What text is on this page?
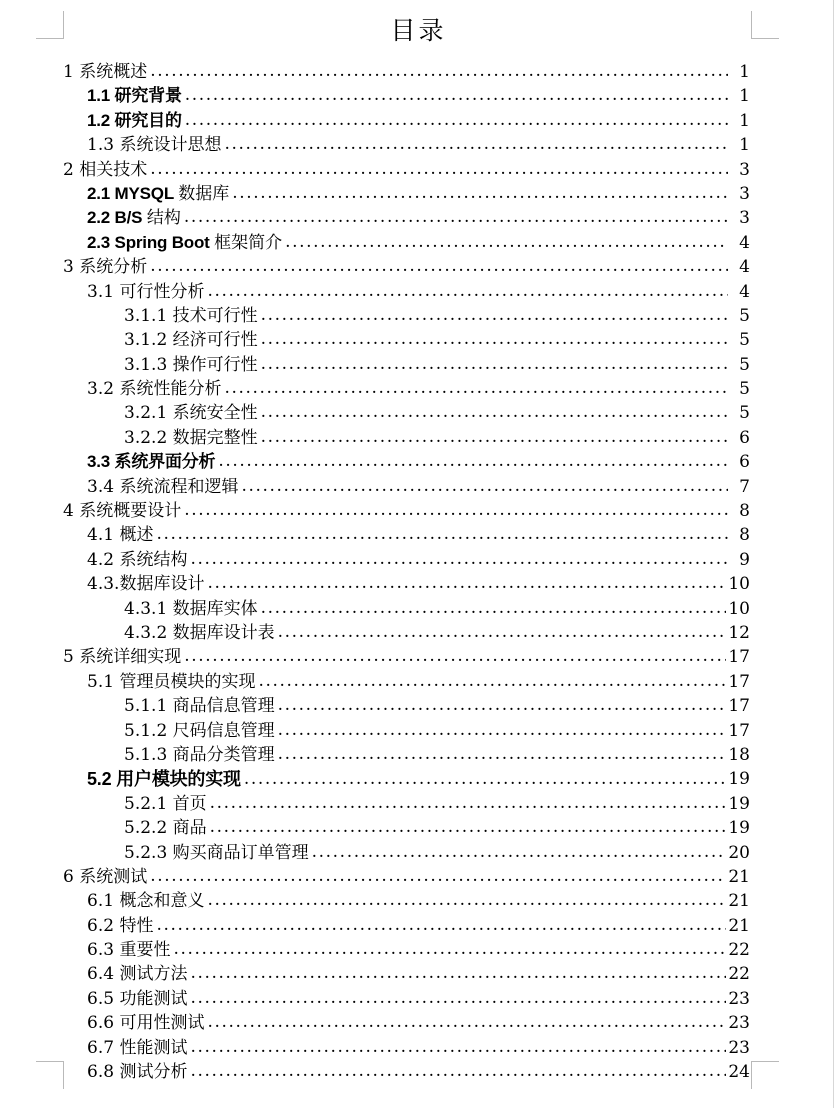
目录
1 系统概述 .....	1
1.1 研究背景 .....	1
1.2 研究目的 .....	1
1.3 系统设计思想 .....	1
2 相关技术 .....	3
2.1 MYSQL 数据库 .....	3
2.2 B/S 结构 .....	3
2.3 Spring Boot 框架简介 .....	4
3 系统分析 .....	4
3.1 可行性分析 .....	4
3.1.1 技术可行性 .....	5
3.1.2 经济可行性 .....	5
3.1.3 操作可行性 .....	5
3.2 系统性能分析 .....	5
3.2.1 系统安全性 .....	5
3.2.2 数据完整性 .....	6
3.3 系统界面分析 .....	6
3.4 系统流程和逻辑 .....	7
4 系统概要设计 .....	8
4.1 概述 .....	8
4.2 系统结构 .....	9
4.3.数据库设计 .....	10
4.3.1 数据库实体 .....	10
4.3.2 数据库设计表 .....	12
5 系统详细实现 .....	17
5.1 管理员模块的实现 .....	17
5.1.1 商品信息管理 .....	17
5.1.2 尺码信息管理 .....	17
5.1.3 商品分类管理 .....	18
5.2 用户模块的实现 .....	19
5.2.1 首页 .....	19
5.2.2 商品 .....	19
5.2.3 购买商品订单管理 .....	20
6 系统测试 .....	21
6.1 概念和意义 .....	21
6.2 特性 .....	21
6.3 重要性 .....	22
6.4 测试方法 .....	22
6.5 功能测试 .....	23
6.6 可用性测试 .....	23
6.7 性能测试 .....	23
6.8 测试分析 .....	24
